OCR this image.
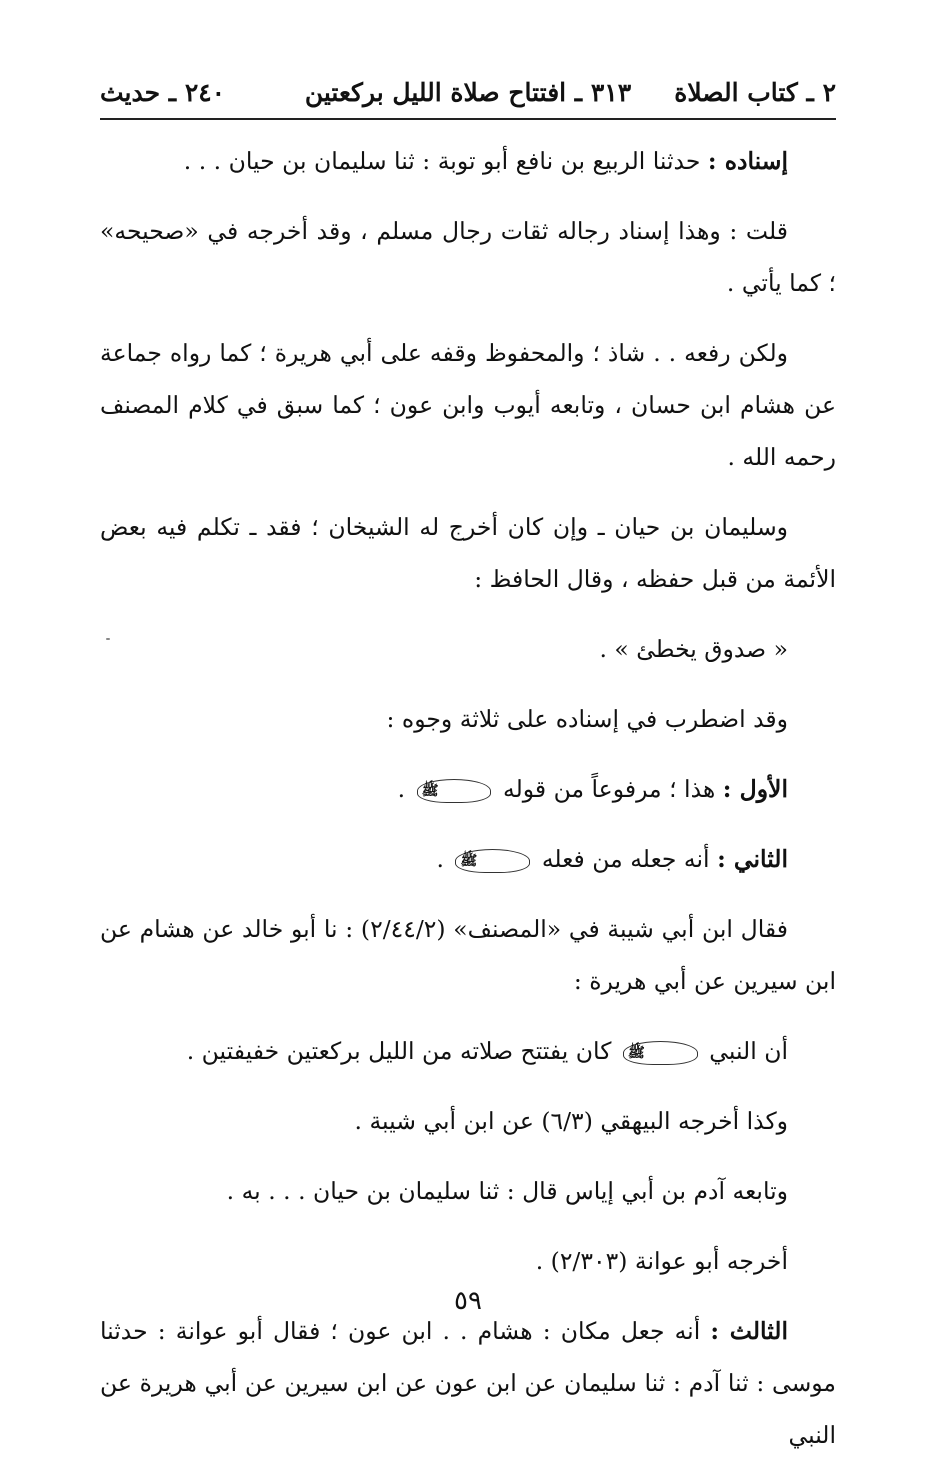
٢ ـ كتاب الصلاة
٣١٣ ـ افتتاح صلاة الليل بركعتين
٢٤٠ ـ حديث

إسناده : حدثنا الربيع بن نافع أبو توبة : ثنا سليمان بن حيان . . .

قلت : وهذا إسناد رجاله ثقات رجال مسلم ، وقد أخرجه في «صحيحه» ؛ كما يأتي .

ولكن رفعه . . شاذ ؛ والمحفوظ وقفه على أبي هريرة ؛ كما رواه جماعة عن هشام ابن حسان ، وتابعه أيوب وابن عون ؛ كما سبق في كلام المصنف رحمه الله .

وسليمان بن حيان ـ وإن كان أخرج له الشيخان ؛ فقد ـ تكلم فيه بعض الأئمة من قبل حفظه ، وقال الحافظ :

« صدوق يخطئ » .

وقد اضطرب في إسناده على ثلاثة وجوه :

الأول : هذا ؛ مرفوعاً من قوله ﷺ .

الثاني : أنه جعله من فعله ﷺ .

فقال ابن أبي شيبة في «المصنف» (٢/٤٤/٢) : نا أبو خالد عن هشام عن ابن سيرين عن أبي هريرة :

أن النبي ﷺ كان يفتتح صلاته من الليل بركعتين خفيفتين .

وكذا أخرجه البيهقي (٦/٣) عن ابن أبي شيبة .

وتابعه آدم بن أبي إياس قال : ثنا سليمان بن حيان . . . به .

أخرجه أبو عوانة (٢/٣٠٣) .

الثالث : أنه جعل مكان : هشام . . ابن عون ؛ فقال أبو عوانة : حدثنا موسى : ثنا آدم : ثنا سليمان عن ابن عون عن ابن سيرين عن أبي هريرة عن النبي

٥٩
